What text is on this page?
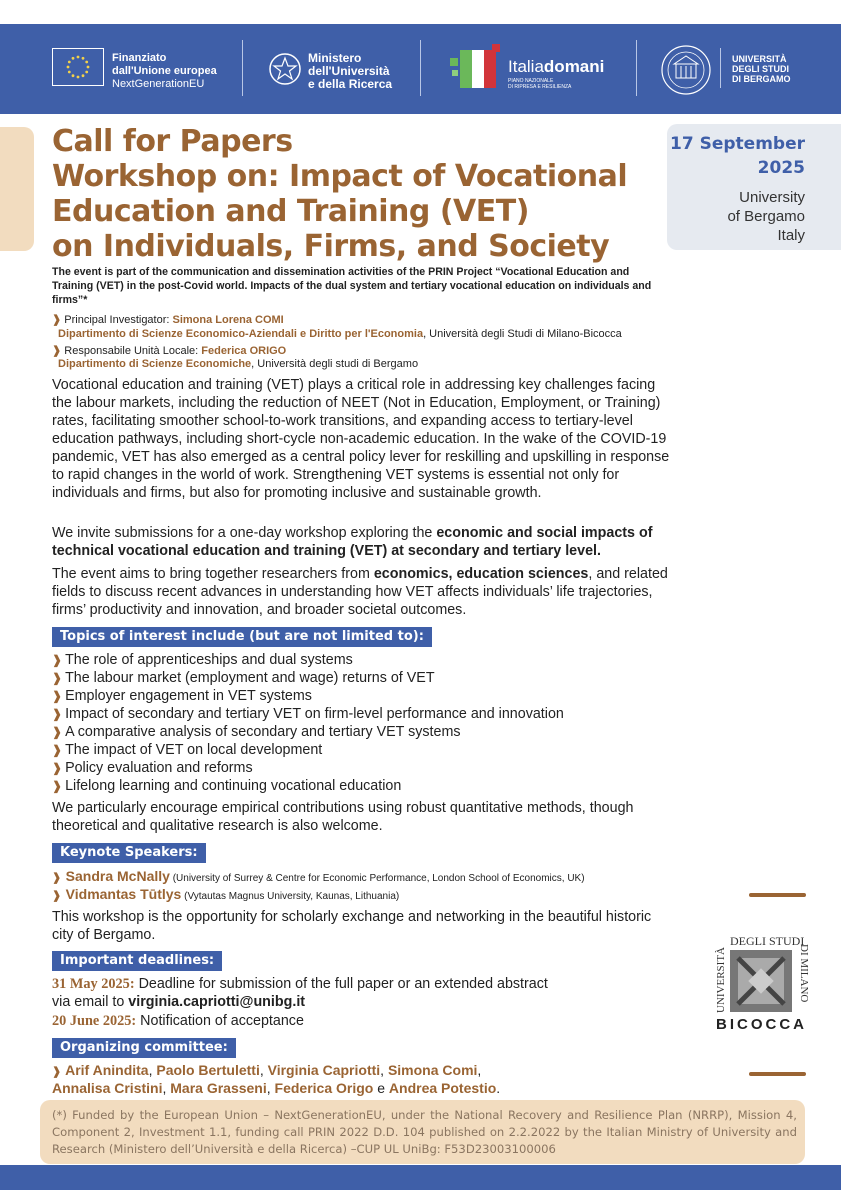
Finanziato
dall'Unione europea
NextGenerationEU
Ministero
dell'Università
e della Ricerca
Italiadomani
PIANO NAZIONALE
DI RIPRESA E RESILIENZA
UNIVERSITÀ
DEGLI STUDI
DI BERGAMO
Call for Papers
Workshop on: Impact of Vocational
Education and Training (VET)
on Individuals, Firms, and Society
17 September
2025
University
of Bergamo
Italy
The event is part of the communication and dissemination activities of the PRIN Project “Vocational Education and Training (VET) in the post-Covid world. Impacts of the dual system and tertiary vocational education on individuals and firms”*
❱ Principal Investigator: Simona Lorena COMI
Dipartimento di Scienze Economico-Aziendali e Diritto per l'Economia, Università degli Studi di Milano-Bicocca
❱ Responsabile Unità Locale: Federica ORIGO
Dipartimento di Scienze Economiche, Università degli studi di Bergamo
Vocational education and training (VET) plays a critical role in addressing key challenges facing the labour markets, including the reduction of NEET (Not in Education, Employment, or Training) rates, facilitating smoother school-to-work transitions, and expanding access to tertiary-level education pathways, including short-cycle non-academic education. In the wake of the COVID-19 pandemic, VET has also emerged as a central policy lever for reskilling and upskilling in response to rapid changes in the world of work. Strengthening VET systems is essential not only for individuals and firms, but also for promoting inclusive and sustainable growth.
We invite submissions for a one-day workshop exploring the economic and social impacts of technical vocational education and training (VET) at secondary and tertiary level.
The event aims to bring together researchers from economics, education sciences, and related fields to discuss recent advances in understanding how VET affects individuals’ life trajectories, firms’ productivity and innovation, and broader societal outcomes.
Topics of interest include (but are not limited to):
❱ The role of apprenticeships and dual systems
❱ The labour market (employment and wage) returns of VET
❱ Employer engagement in VET systems
❱ Impact of secondary and tertiary VET on firm-level performance and innovation
❱ A comparative analysis of secondary and tertiary VET systems
❱ The impact of VET on local development
❱ Policy evaluation and reforms
❱ Lifelong learning and continuing vocational education
We particularly encourage empirical contributions using robust quantitative methods, though theoretical and qualitative research is also welcome.
Keynote Speakers:
❱ Sandra McNally (University of Surrey & Centre for Economic Performance, London School of Economics, UK)
❱ Vidmantas Tūtlys (Vytautas Magnus University, Kaunas, Lithuania)
This workshop is the opportunity for scholarly exchange and networking in the beautiful historic city of Bergamo.
Important deadlines:
31 May 2025: Deadline for submission of the full paper or an extended abstract
via email to virginia.capriotti@unibg.it
20 June 2025: Notification of acceptance
Organizing committee:
❱ Arif Anindita, Paolo Bertuletti, Virginia Capriotti, Simona Comi,
Annalisa Cristini, Mara Grasseni, Federica Origo e Andrea Potestio.
DEGLI STUDI
UNIVERSITÀ	DI MILANO
BICOCCA
(*) Funded by the European Union – NextGenerationEU, under the National Recovery and Resilience Plan (NRRP), Mission 4, Component 2, Investment 1.1, funding call PRIN 2022 D.D. 104 published on 2.2.2022 by the Italian Ministry of University and Research (Ministero dell’Università e della Ricerca) –CUP UL UniBg: F53D23003100006
